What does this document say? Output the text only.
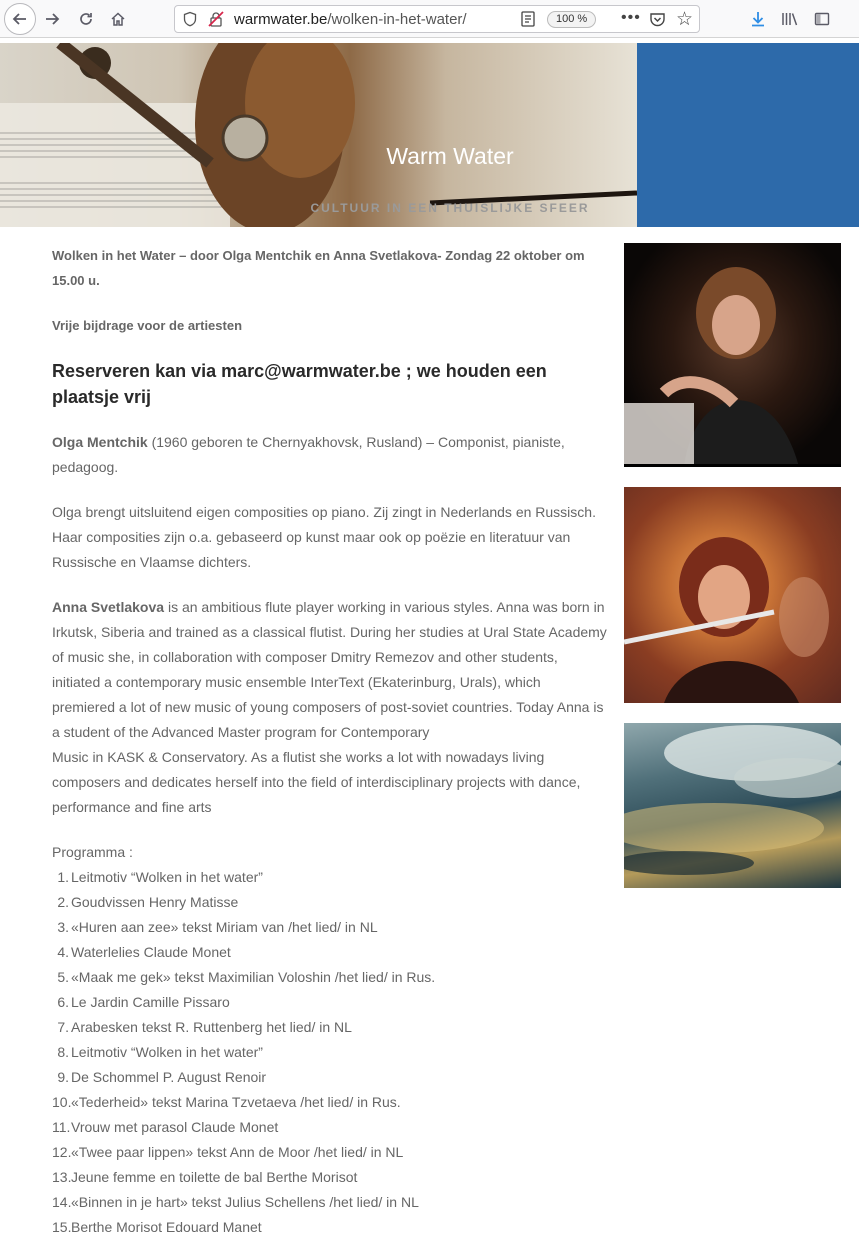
warmwater.be/wolken-in-het-water/	100 %	••• ☆
Warm Water
CULTUUR IN EEN THUISLIJKE SFEER

Wolken in het Water – door Olga Mentchik en Anna Svetlakova- Zondag 22 oktober om 15.00 u.

Vrije bijdrage voor de artiesten

Reserveren kan via marc@warmwater.be ; we houden een plaatsje vrij

Olga Mentchik (1960 geboren te Chernyakhovsk, Rusland) – Componist, pianiste, pedagoog.

Olga brengt uitsluitend eigen composities op piano. Zij zingt in Nederlands en Russisch. Haar composities zijn o.a. gebaseerd op kunst maar ook op poëzie en literatuur van Russische en Vlaamse dichters.

Anna Svetlakova is an ambitious flute player working in various styles. Anna was born in Irkutsk, Siberia and trained as a classical flutist. During her studies at Ural State Academy of music she, in collaboration with composer Dmitry Remezov and other students, initiated a contemporary music ensemble InterText (Ekaterinburg, Urals), which premiered a lot of new music of young composers of post-soviet countries. Today Anna is a student of the Advanced Master program for Contemporary
Music in KASK & Conservatory. As a flutist she works a lot with nowadays living composers and dedicates herself into the field of interdisciplinary projects with dance, performance and fine arts

Programma :

1. Leitmotiv “Wolken in het water”
2. Goudvissen Henry Matisse
3. «Huren aan zee» tekst Miriam van /het lied/ in NL
4. Waterlelies Claude Monet
5. «Maak me gek» tekst Maximilian Voloshin /het lied/ in Rus.
6. Le Jardin Camille Pissaro
7. Arabesken tekst R. Ruttenberg het lied/ in NL
8. Leitmotiv “Wolken in het water”
9. De Schommel P. August Renoir
10. «Tederheid» tekst Marina Tzvetaeva /het lied/ in Rus.
11. Vrouw met parasol Claude Monet
12. «Twee paar lippen» tekst Ann de Moor /het lied/ in NL
13. Jeune femme en toilette de bal Berthe Morisot
14. «Binnen in je hart» tekst Julius Schellens /het lied/ in NL
15. Berthe Morisot Edouard Manet
